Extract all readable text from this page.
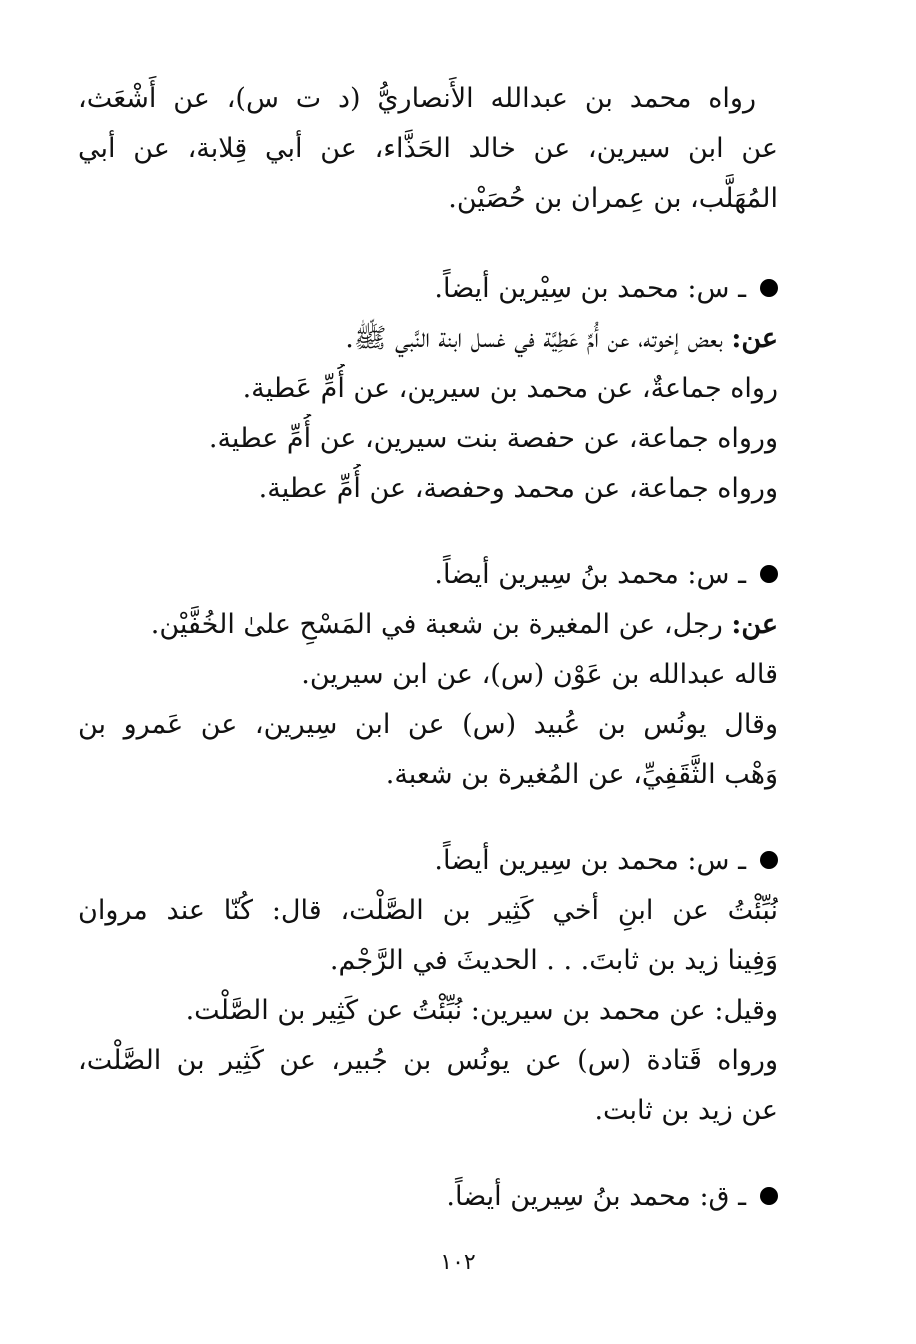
رواه محمد بن عبدالله الأَنصاريُّ (د ت س)، عن أَشْعَث،
عن ابن سيرين، عن خالد الحَذَّاء، عن أبي قِلابة، عن أبي
المُهَلَّب، بن عِمران بن حُصَيْن.
ـ س: محمد بن سِيْرين أيضاً.
عن: بعض إخوته، عن أُمِّ عَطِيَّة في غسل ابنة النَّبي ﷺ.
رواه جماعةٌ، عن محمد بن سيرين، عن أُمِّ عَطية.
ورواه جماعة، عن حفصة بنت سيرين، عن أُمِّ عطية.
ورواه جماعة، عن محمد وحفصة، عن أُمِّ عطية.
ـ س: محمد بنُ سِيرين أيضاً.
عن: رجل، عن المغيرة بن شعبة في المَسْحِ علىٰ الخُفَّيْن.
قاله عبدالله بن عَوْن (س)، عن ابن سيرين.
وقال يونُس بن عُبيد (س) عن ابن سِيرين، عن عَمرو بن
وَهْب الثَّقَفِيِّ، عن المُغيرة بن شعبة.
ـ س: محمد بن سِيرين أيضاً.
نُبِّئْتُ عن ابنِ أخي كَثِير بن الصَّلْت، قال: كُنّا عند مروان
وَفِينا زيد بن ثابتَ. . . الحديثَ في الرَّجْم.
وقيل: عن محمد بن سيرين: نُبِّئْتُ عن كَثِير بن الصَّلْت.
ورواه قَتادة (س) عن يونُس بن جُبير، عن كَثِير بن الصَّلْت،
عن زيد بن ثابت.
ـ ق: محمد بنُ سِيرين أيضاً.
١٠٢
